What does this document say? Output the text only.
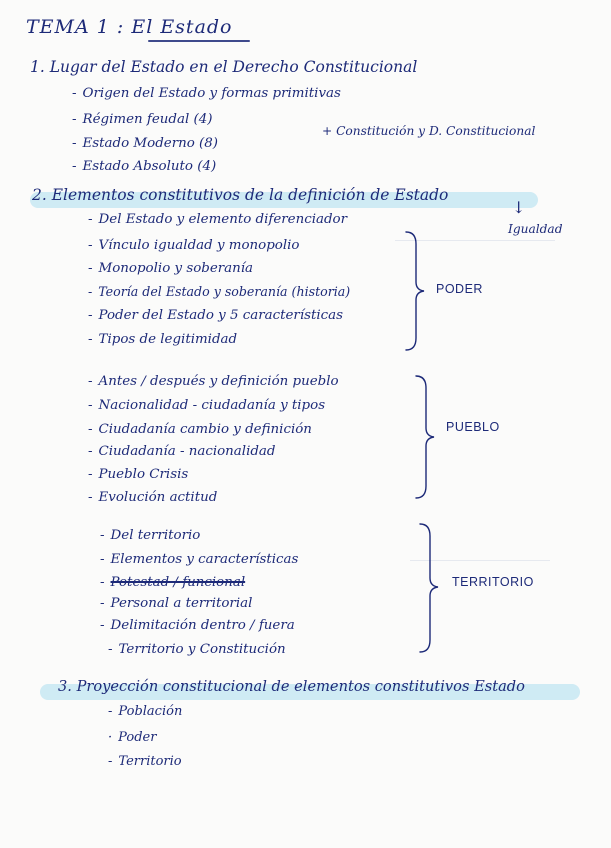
TEMA 1 : El Estado
1. Lugar del Estado en el Derecho Constitucional
- Origen del Estado y formas primitivas
- Régimen feudal (4)
- Estado Moderno (8)
+ Constitución y D. Constitucional
- Estado Absoluto (4)
2. Elementos constitutivos de la definición de Estado
↓
Igualdad
- Del Estado y elemento diferenciador
- Vínculo igualdad y monopolio
- Monopolio y soberanía
- Teoría del Estado y soberanía (historia)
- Poder del Estado y 5 características
- Tipos de legitimidad
PODER
- Antes / después y definición pueblo
- Nacionalidad - ciudadanía y tipos
- Ciudadanía cambio y definición
- Ciudadanía - nacionalidad
- Pueblo Crisis
- Evolución actitud
PUEBLO
- Del territorio
- Elementos y características
- Potestad / funcional
- Personal a territorial
- Delimitación dentro / fuera
- Territorio y Constitución
TERRITORIO
3. Proyección constitucional de elementos constitutivos Estado
- Población
· Poder
- Territorio
